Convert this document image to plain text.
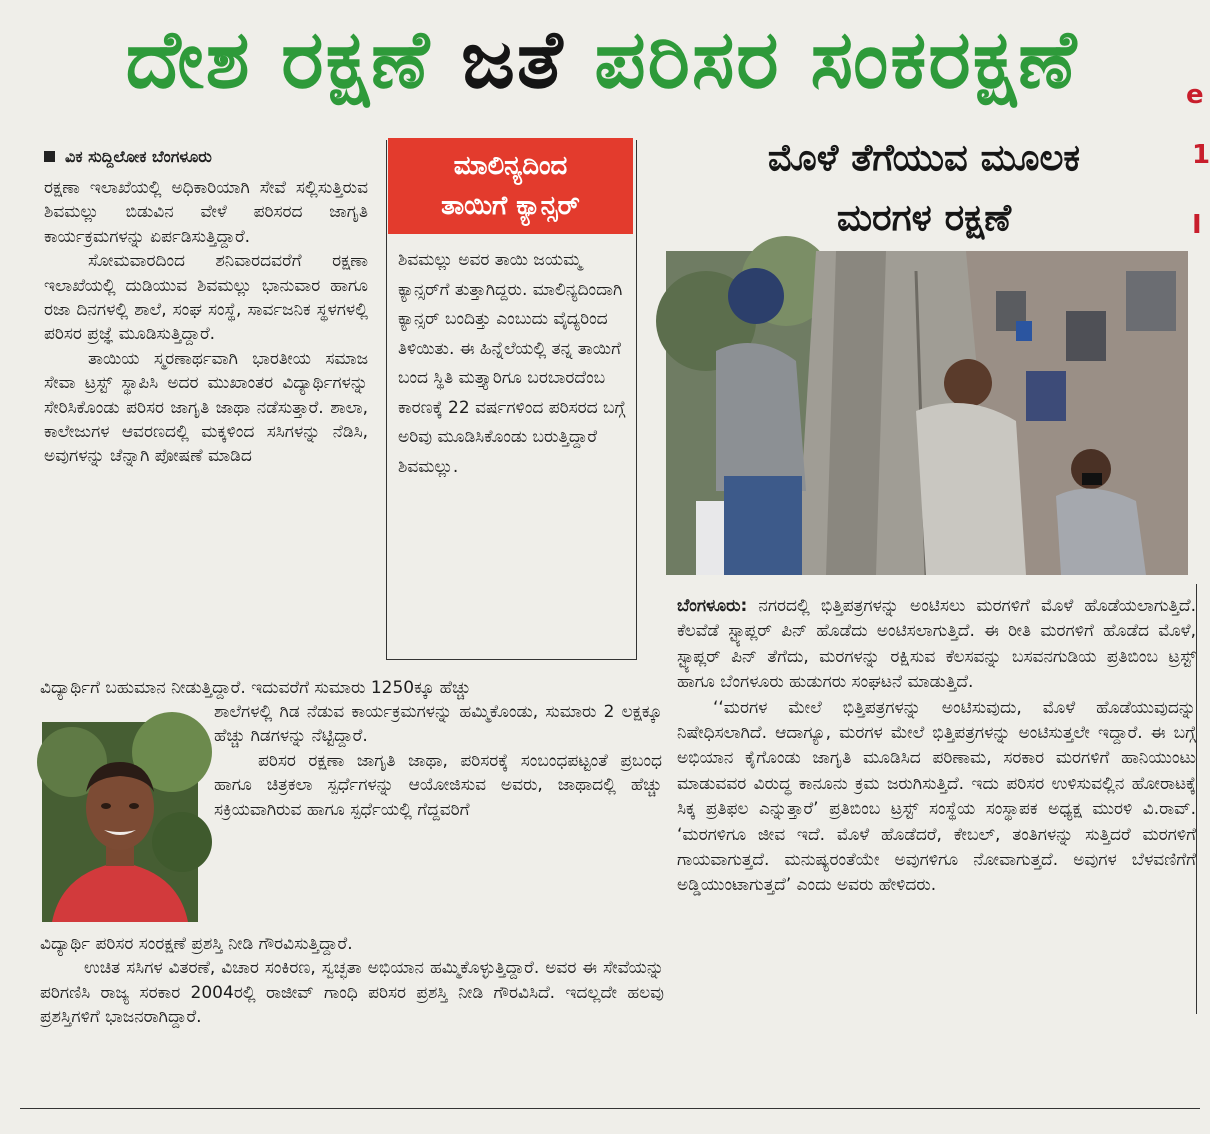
ದೇಶ ರಕ್ಷಣೆ ಜತೆ ಪರಿಸರ ಸಂಕರಕ್ಷಣೆ	e
1
I
ವಿಕ ಸುದ್ದಿಲೋಕ ಬೆಂಗಳೂರು

ರಕ್ಷಣಾ ಇಲಾಖೆಯಲ್ಲಿ ಅಧಿಕಾರಿಯಾಗಿ ಸೇವೆ ಸಲ್ಲಿಸುತ್ತಿರುವ ಶಿವಮಲ್ಲು ಬಿಡುವಿನ ವೇಳೆ ಪರಿಸರದ ಜಾಗೃತಿ ಕಾರ್ಯಕ್ರಮಗಳನ್ನು ಏರ್ಪಡಿಸುತ್ತಿದ್ದಾರೆ.

ಸೋಮವಾರದಿಂದ ಶನಿವಾರದವರೆಗೆ ರಕ್ಷಣಾ ಇಲಾಖೆಯಲ್ಲಿ ದುಡಿಯುವ ಶಿವಮಲ್ಲು ಭಾನುವಾರ ಹಾಗೂ ರಜಾ ದಿನಗಳಲ್ಲಿ ಶಾಲೆ, ಸಂಘ ಸಂಸ್ಥೆ, ಸಾರ್ವಜನಿಕ ಸ್ಥಳಗಳಲ್ಲಿ ಪರಿಸರ ಪ್ರಜ್ಞೆ ಮೂಡಿಸುತ್ತಿದ್ದಾರೆ.

ತಾಯಿಯ ಸ್ಮರಣಾರ್ಥವಾಗಿ ಭಾರತೀಯ ಸಮಾಜ ಸೇವಾ ಟ್ರಸ್ಟ್ ಸ್ಥಾಪಿಸಿ ಅದರ ಮುಖಾಂತರ ವಿದ್ಯಾರ್ಥಿಗಳನ್ನು ಸೇರಿಸಿಕೊಂಡು ಪರಿಸರ ಜಾಗೃತಿ ಜಾಥಾ ನಡೆಸುತ್ತಾರೆ. ಶಾಲಾ, ಕಾಲೇಜುಗಳ ಆವರಣದಲ್ಲಿ ಮಕ್ಕಳಿಂದ ಸಸಿಗಳನ್ನು ನೆಡಿಸಿ, ಅವುಗಳನ್ನು ಚೆನ್ನಾಗಿ ಪೋಷಣೆ ಮಾಡಿದ

ವಿದ್ಯಾರ್ಥಿಗೆ ಬಹುಮಾನ ನೀಡುತ್ತಿದ್ದಾರೆ. ಇದುವರೆಗೆ ಸುಮಾರು 1250ಕ್ಕೂ ಹೆಚ್ಚು

ಶಾಲೆಗಳಲ್ಲಿ ಗಿಡ ನೆಡುವ ಕಾರ್ಯಕ್ರಮಗಳನ್ನು ಹಮ್ಮಿಕೊಂಡು, ಸುಮಾರು 2 ಲಕ್ಷಕ್ಕೂ ಹೆಚ್ಚು ಗಿಡಗಳನ್ನು ನೆಟ್ಟಿದ್ದಾರೆ.

ಪರಿಸರ ರಕ್ಷಣಾ ಜಾಗೃತಿ ಜಾಥಾ, ಪರಿಸರಕ್ಕೆ ಸಂಬಂಧಪಟ್ಟಂತೆ ಪ್ರಬಂಧ ಹಾಗೂ ಚಿತ್ರಕಲಾ ಸ್ಪರ್ಧೆಗಳನ್ನು ಆಯೋಜಿಸುವ ಅವರು, ಜಾಥಾದಲ್ಲಿ ಹೆಚ್ಚು ಸಕ್ರಿಯವಾಗಿರುವ ಹಾಗೂ ಸ್ಪರ್ಧೆಯಲ್ಲಿ ಗೆದ್ದವರಿಗೆ

ವಿದ್ಯಾರ್ಥಿ ಪರಿಸರ ಸಂರಕ್ಷಣೆ ಪ್ರಶಸ್ತಿ ನೀಡಿ ಗೌರವಿಸುತ್ತಿದ್ದಾರೆ.

ಉಚಿತ ಸಸಿಗಳ ವಿತರಣೆ, ವಿಚಾರ ಸಂಕಿರಣ, ಸ್ವಚ್ಛತಾ ಅಭಿಯಾನ ಹಮ್ಮಿಕೊಳ್ಳುತ್ತಿದ್ದಾರೆ. ಅವರ ಈ ಸೇವೆಯನ್ನು ಪರಿಗಣಿಸಿ ರಾಜ್ಯ ಸರಕಾರ 2004ರಲ್ಲಿ ರಾಜೀವ್ ಗಾಂಧಿ ಪರಿಸರ ಪ್ರಶಸ್ತಿ ನೀಡಿ ಗೌರವಿಸಿದೆ. ಇದಲ್ಲದೇ ಹಲವು ಪ್ರಶಸ್ತಿಗಳಿಗೆ ಭಾಜನರಾಗಿದ್ದಾರೆ.

ಮಾಲಿನ್ಯದಿಂದ
ತಾಯಿಗೆ ಕ್ಯಾನ್ಸರ್

ಶಿವಮಲ್ಲು ಅವರ ತಾಯಿ ಜಯಮ್ಮ ಕ್ಯಾನ್ಸರ್‌ಗೆ ತುತ್ತಾಗಿದ್ದರು. ಮಾಲಿನ್ಯದಿಂದಾಗಿ ಕ್ಯಾನ್ಸರ್ ಬಂದಿತ್ತು ಎಂಬುದು ವೈದ್ಯರಿಂದ ತಿಳಿಯಿತು. ಈ ಹಿನ್ನೆಲೆಯಲ್ಲಿ ತನ್ನ ತಾಯಿಗೆ ಬಂದ ಸ್ಥಿತಿ ಮತ್ತ್ಯಾರಿಗೂ ಬರಬಾರದೆಂಬ ಕಾರಣಕ್ಕೆ 22 ವರ್ಷಗಳಿಂದ ಪರಿಸರದ ಬಗ್ಗೆ ಅರಿವು ಮೂಡಿಸಿಕೊಂಡು ಬರುತ್ತಿದ್ದಾರೆ ಶಿವಮಲ್ಲು.

ಮೊಳೆ ತೆಗೆಯುವ ಮೂಲಕ
ಮರಗಳ ರಕ್ಷಣೆ

ಬೆಂಗಳೂರು: ನಗರದಲ್ಲಿ ಭಿತ್ತಿಪತ್ರಗಳನ್ನು ಅಂಟಿಸಲು ಮರಗಳಿಗೆ ಮೊಳೆ ಹೊಡೆಯಲಾಗುತ್ತಿದೆ. ಕೆಲವೆಡೆ ಸ್ಟ್ಯಾಪ್ಲರ್ ಪಿನ್ ಹೊಡೆದು ಅಂಟಿಸಲಾಗುತ್ತಿದೆ. ಈ ರೀತಿ ಮರಗಳಿಗೆ ಹೊಡೆದ ಮೊಳೆ, ಸ್ಟ್ಯಾಪ್ಲರ್ ಪಿನ್ ತೆಗೆದು, ಮರಗಳನ್ನು ರಕ್ಷಿಸುವ ಕೆಲಸವನ್ನು ಬಸವನಗುಡಿಯ ಪ್ರತಿಬಿಂಬ ಟ್ರಸ್ಟ್ ಹಾಗೂ ಬೆಂಗಳೂರು ಹುಡುಗರು ಸಂಘಟನೆ ಮಾಡುತ್ತಿದೆ.

‘‘ಮರಗಳ ಮೇಲೆ ಭಿತ್ತಿಪತ್ರಗಳನ್ನು ಅಂಟಿಸುವುದು, ಮೊಳೆ ಹೊಡೆಯುವುದನ್ನು ನಿಷೇಧಿಸಲಾಗಿದೆ. ಆದಾಗ್ಯೂ, ಮರಗಳ ಮೇಲೆ ಭಿತ್ತಿಪತ್ರಗಳನ್ನು ಅಂಟಿಸುತ್ತಲೇ ಇದ್ದಾರೆ. ಈ ಬಗ್ಗೆ ಅಭಿಯಾನ ಕೈಗೊಂಡು ಜಾಗೃತಿ ಮೂಡಿಸಿದ ಪರಿಣಾಮ, ಸರಕಾರ ಮರಗಳಿಗೆ ಹಾನಿಯುಂಟು ಮಾಡುವವರ ವಿರುದ್ಧ ಕಾನೂನು ಕ್ರಮ ಜರುಗಿಸುತ್ತಿದೆ. ಇದು ಪರಿಸರ ಉಳಿಸುವಲ್ಲಿನ ಹೋರಾಟಕ್ಕೆ ಸಿಕ್ಕ ಪ್ರತಿಫಲ ಎನ್ನುತ್ತಾರೆ’ ಪ್ರತಿಬಿಂಬ ಟ್ರಸ್ಟ್ ಸಂಸ್ಥೆಯ ಸಂಸ್ಥಾಪಕ ಅಧ್ಯಕ್ಷ ಮುರಳಿ ವಿ.ರಾವ್. ‘ಮರಗಳಿಗೂ ಜೀವ ಇದೆ. ಮೊಳೆ ಹೊಡೆದರೆ, ಕೇಬಲ್, ತಂತಿಗಳನ್ನು ಸುತ್ತಿದರೆ ಮರಗಳಿಗೆ ಗಾಯವಾಗುತ್ತದೆ. ಮನುಷ್ಯರಂತೆಯೇ ಅವುಗಳಿಗೂ ನೋವಾಗುತ್ತದೆ. ಅವುಗಳ ಬೆಳವಣಿಗೆಗೆ ಅಡ್ಡಿಯುಂಟಾಗುತ್ತದೆ’ ಎಂದು ಅವರು ಹೇಳಿದರು.
